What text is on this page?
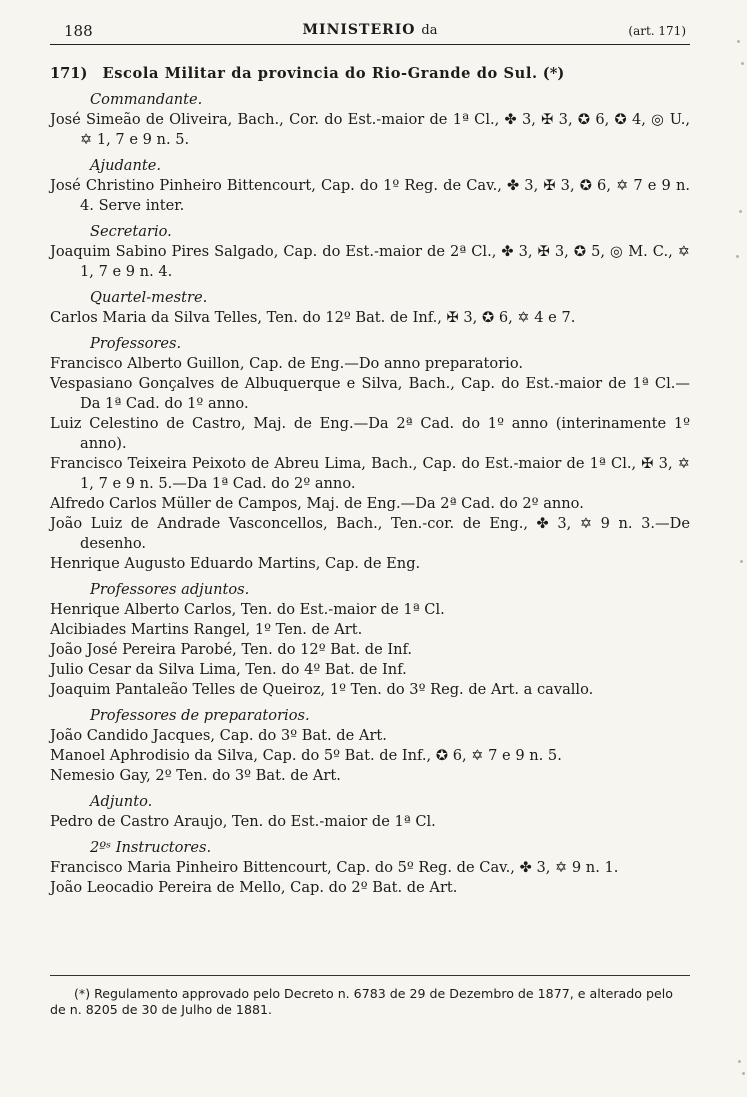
188	MINISTERIO da	(art. 171)
171) Escola Militar da provincia do Rio-Grande do Sul. (*)
Commandante.
José Simeão de Oliveira, Bach., Cor. do Est.-maior de 1ª Cl., ✤ 3, ✠ 3, ✪ 6, ✪ 4, ◎ U., ✡ 1, 7 e 9 n. 5.
Ajudante.
José Christino Pinheiro Bittencourt, Cap. do 1º Reg. de Cav., ✤ 3, ✠ 3, ✪ 6, ✡ 7 e 9 n. 4. Serve inter.
Secretario.
Joaquim Sabino Pires Salgado, Cap. do Est.-maior de 2ª Cl., ✤ 3, ✠ 3, ✪ 5, ◎ M. C., ✡ 1, 7 e 9 n. 4.
Quartel-mestre.
Carlos Maria da Silva Telles, Ten. do 12º Bat. de Inf., ✠ 3, ✪ 6, ✡ 4 e 7.
Professores.
Francisco Alberto Guillon, Cap. de Eng.—Do anno preparatorio.
Vespasiano Gonçalves de Albuquerque e Silva, Bach., Cap. do Est.-maior de 1ª Cl.—Da 1ª Cad. do 1º anno.
Luiz Celestino de Castro, Maj. de Eng.—Da 2ª Cad. do 1º anno (interinamente 1º anno).
Francisco Teixeira Peixoto de Abreu Lima, Bach., Cap. do Est.-maior de 1ª Cl., ✠ 3, ✡ 1, 7 e 9 n. 5.—Da 1ª Cad. do 2º anno.
Alfredo Carlos Müller de Campos, Maj. de Eng.—Da 2ª Cad. do 2º anno.
João Luiz de Andrade Vasconcellos, Bach., Ten.-cor. de Eng., ✤ 3, ✡ 9 n. 3.—De desenho.
Henrique Augusto Eduardo Martins, Cap. de Eng.
Professores adjuntos.
Henrique Alberto Carlos, Ten. do Est.-maior de 1ª Cl.
Alcibiades Martins Rangel, 1º Ten. de Art.
João José Pereira Parobé, Ten. do 12º Bat. de Inf.
Julio Cesar da Silva Lima, Ten. do 4º Bat. de Inf.
Joaquim Pantaleão Telles de Queiroz, 1º Ten. do 3º Reg. de Art. a cavallo.
Professores de preparatorios.
João Candido Jacques, Cap. do 3º Bat. de Art.
Manoel Aphrodisio da Silva, Cap. do 5º Bat. de Inf., ✪ 6, ✡ 7 e 9 n. 5.
Nemesio Gay, 2º Ten. do 3º Bat. de Art.
Adjunto.
Pedro de Castro Araujo, Ten. do Est.-maior de 1ª Cl.
2ºˢ Instructores.
Francisco Maria Pinheiro Bittencourt, Cap. do 5º Reg. de Cav., ✤ 3, ✡ 9 n. 1.
João Leocadio Pereira de Mello, Cap. do 2º Bat. de Art.
(*) Regulamento approvado pelo Decreto n. 6783 de 29 de Dezembro de 1877, e alterado pelo de n. 8205 de 30 de Julho de 1881.
